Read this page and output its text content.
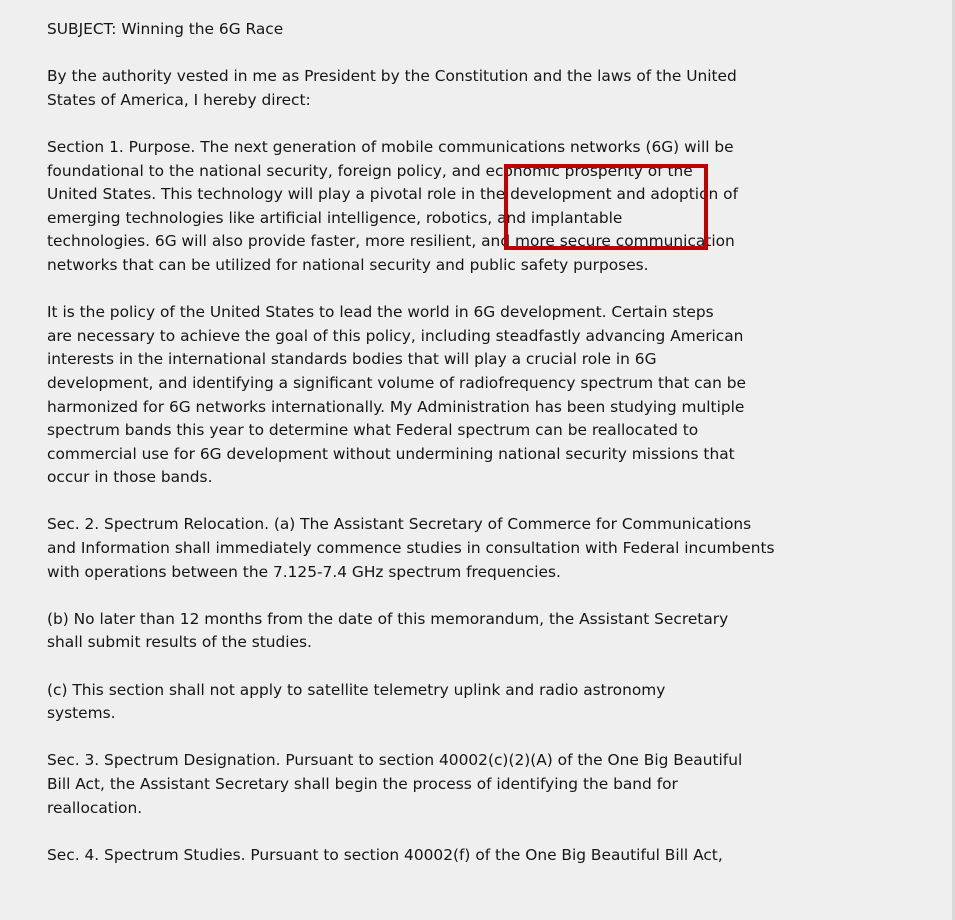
SUBJECT: Winning the 6G Race
By the authority vested in me as President by the Constitution and the laws of the United
States of America, I hereby direct:
Section 1. Purpose. The next generation of mobile communications networks (6G) will be
foundational to the national security, foreign policy, and economic prosperity of the
United States. This technology will play a pivotal role in the development and adoption of
emerging technologies like artificial intelligence, robotics, and implantable
technologies. 6G will also provide faster, more resilient, and more secure communication
networks that can be utilized for national security and public safety purposes.
It is the policy of the United States to lead the world in 6G development. Certain steps
are necessary to achieve the goal of this policy, including steadfastly advancing American
interests in the international standards bodies that will play a crucial role in 6G
development, and identifying a significant volume of radiofrequency spectrum that can be
harmonized for 6G networks internationally. My Administration has been studying multiple
spectrum bands this year to determine what Federal spectrum can be reallocated to
commercial use for 6G development without undermining national security missions that
occur in those bands.
Sec. 2. Spectrum Relocation. (a) The Assistant Secretary of Commerce for Communications
and Information shall immediately commence studies in consultation with Federal incumbents
with operations between the 7.125-7.4 GHz spectrum frequencies.
(b) No later than 12 months from the date of this memorandum, the Assistant Secretary
shall submit results of the studies.
(c) This section shall not apply to satellite telemetry uplink and radio astronomy
systems.
Sec. 3. Spectrum Designation. Pursuant to section 40002(c)(2)(A) of the One Big Beautiful
Bill Act, the Assistant Secretary shall begin the process of identifying the band for
reallocation.
Sec. 4. Spectrum Studies. Pursuant to section 40002(f) of the One Big Beautiful Bill Act,
